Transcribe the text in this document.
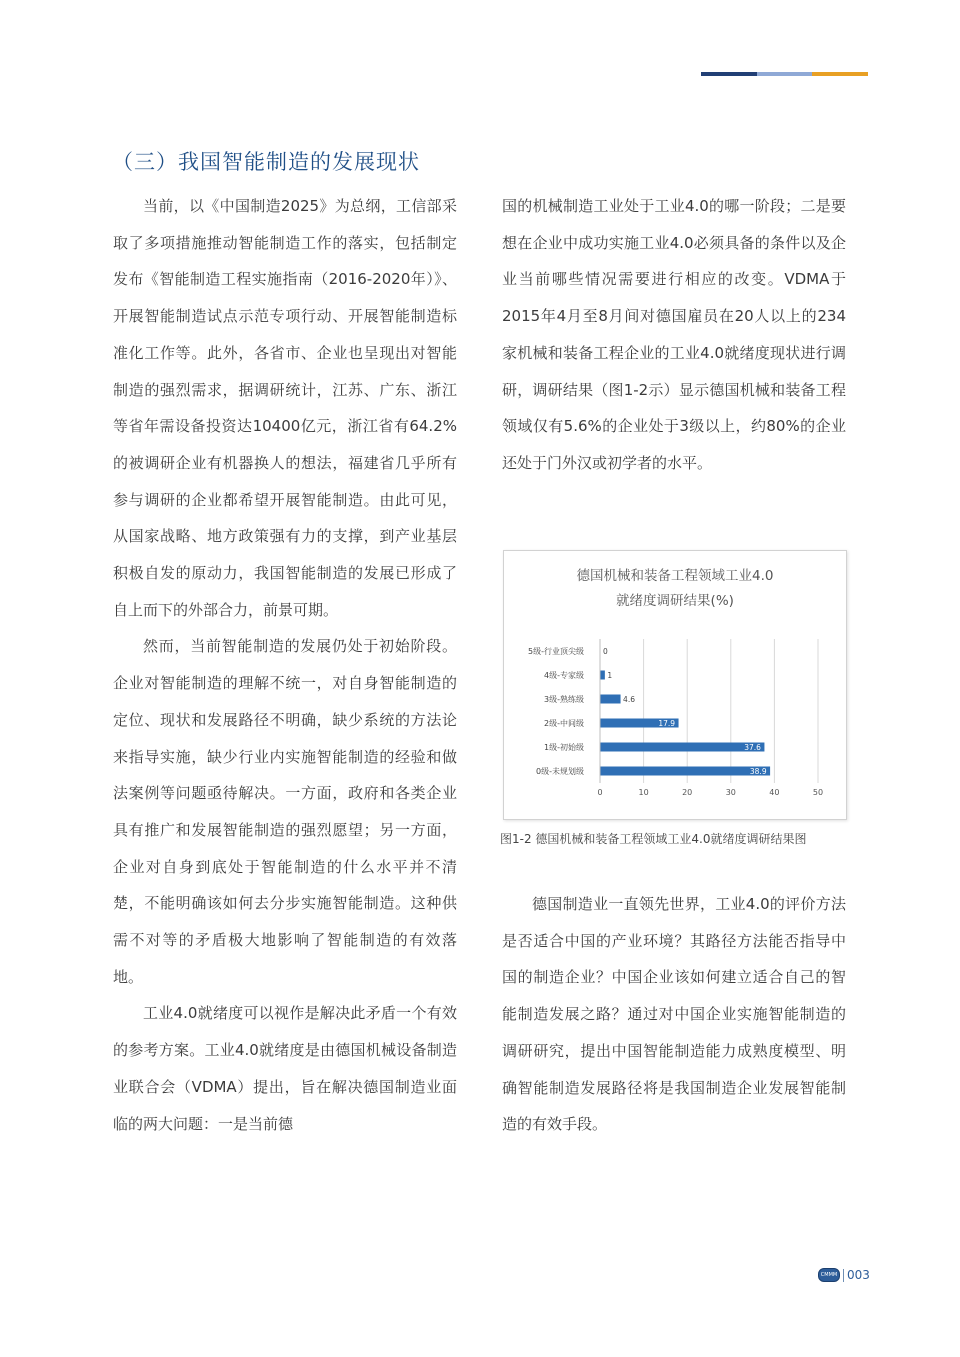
（三）我国智能制造的发展现状

当前，以《中国制造2025》为总纲，工信部采取了多项措施推动智能制造工作的落实，包括制定发布《智能制造工程实施指南（2016-2020年）》、开展智能制造试点示范专项行动、开展智能制造标准化工作等。此外，各省市、企业也呈现出对智能制造的强烈需求，据调研统计，江苏、广东、浙江等省年需设备投资达10400亿元，浙江省有64.2%的被调研企业有机器换人的想法，福建省几乎所有参与调研的企业都希望开展智能制造。由此可见，从国家战略、地方政策强有力的支撑，到产业基层积极自发的原动力，我国智能制造的发展已形成了自上而下的外部合力，前景可期。

然而，当前智能制造的发展仍处于初始阶段。企业对智能制造的理解不统一，对自身智能制造的定位、现状和发展路径不明确，缺少系统的方法论来指导实施，缺少行业内实施智能制造的经验和做法案例等问题亟待解决。一方面，政府和各类企业具有推广和发展智能制造的强烈愿望；另一方面，企业对自身到底处于智能制造的什么水平并不清楚，不能明确该如何去分步实施智能制造。这种供需不对等的矛盾极大地影响了智能制造的有效落地。

工业4.0就绪度可以视作是解决此矛盾一个有效的参考方案。工业4.0就绪度是由德国机械设备制造业联合会（VDMA）提出，旨在解决德国制造业面临的两大问题：一是当前德

国的机械制造工业处于工业4.0的哪一阶段；二是要想在企业中成功实施工业4.0必须具备的条件以及企业当前哪些情况需要进行相应的改变。VDMA于2015年4月至8月间对德国雇员在20人以上的234家机械和装备工程企业的工业4.0就绪度现状进行调研，调研结果（图1-2示）显示德国机械和装备工程领域仅有5.6%的企业处于3级以上，约80%的企业还处于门外汉或初学者的水平。

德国机械和装备工程领域工业4.0
就绪度调研结果(%)
0	10	20	30	40	50
5级-行业顶尖级	0
4级-专家级	1
3级-熟练级	4.6
2级-中间级	17.9
1级-初始级	37.6
0级-未规划级	38.9
图1-2 德国机械和装备工程领域工业4.0就绪度调研结果图

德国制造业一直领先世界，工业4.0的评价方法是否适合中国的产业环境？其路径方法能否指导中国的制造企业？中国企业该如何建立适合自己的智能制造发展之路？通过对中国企业实施智能制造的调研研究，提出中国智能制造能力成熟度模型、明确智能制造发展路径将是我国制造企业发展智能制造的有效手段。

CMMM 003
